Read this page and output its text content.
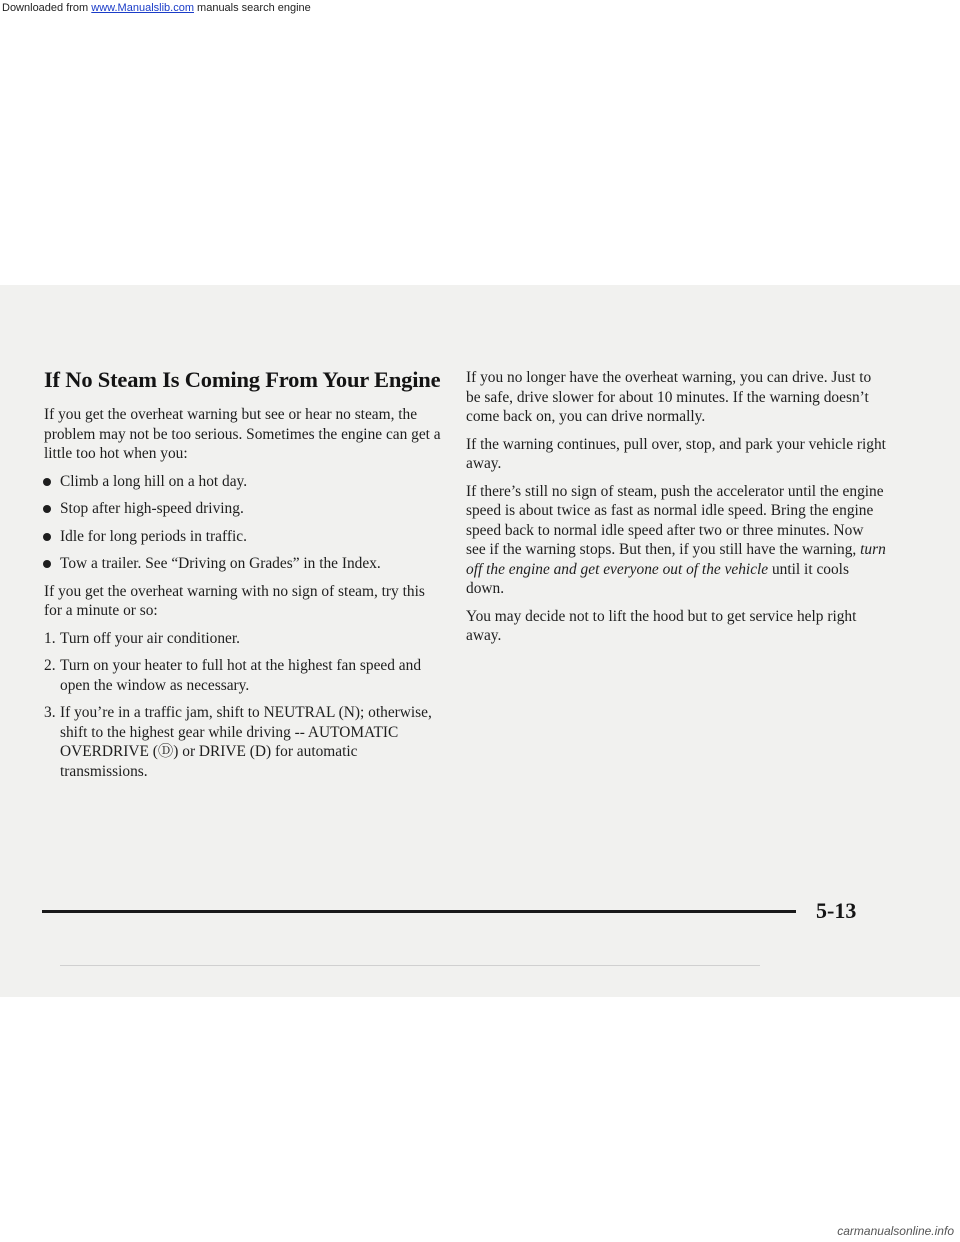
Downloaded from www.Manualslib.com manuals search engine
If No Steam Is Coming From Your Engine

If you get the overheat warning but see or hear no steam, the problem may not be too serious. Sometimes the engine can get a little too hot when you:

Climb a long hill on a hot day.
Stop after high-speed driving.
Idle for long periods in traffic.
Tow a trailer. See “Driving on Grades” in the Index.

If you get the overheat warning with no sign of steam, try this for a minute or so:

1. Turn off your air conditioner.
2. Turn on your heater to full hot at the highest fan speed and open the window as necessary.
3. If you’re in a traffic jam, shift to NEUTRAL (N); otherwise, shift to the highest gear while driving -- AUTOMATIC OVERDRIVE (Ⓓ) or DRIVE (D) for automatic transmissions.

If you no longer have the overheat warning, you can drive. Just to be safe, drive slower for about 10 minutes. If the warning doesn’t come back on, you can drive normally.

If the warning continues, pull over, stop, and park your vehicle right away.

If there’s still no sign of steam, push the accelerator until the engine speed is about twice as fast as normal idle speed. Bring the engine speed back to normal idle speed after two or three minutes. Now see if the warning stops. But then, if you still have the warning, turn off the engine and get everyone out of the vehicle until it cools down.

You may decide not to lift the hood but to get service help right away.

5-13
carmanualsonline.info
